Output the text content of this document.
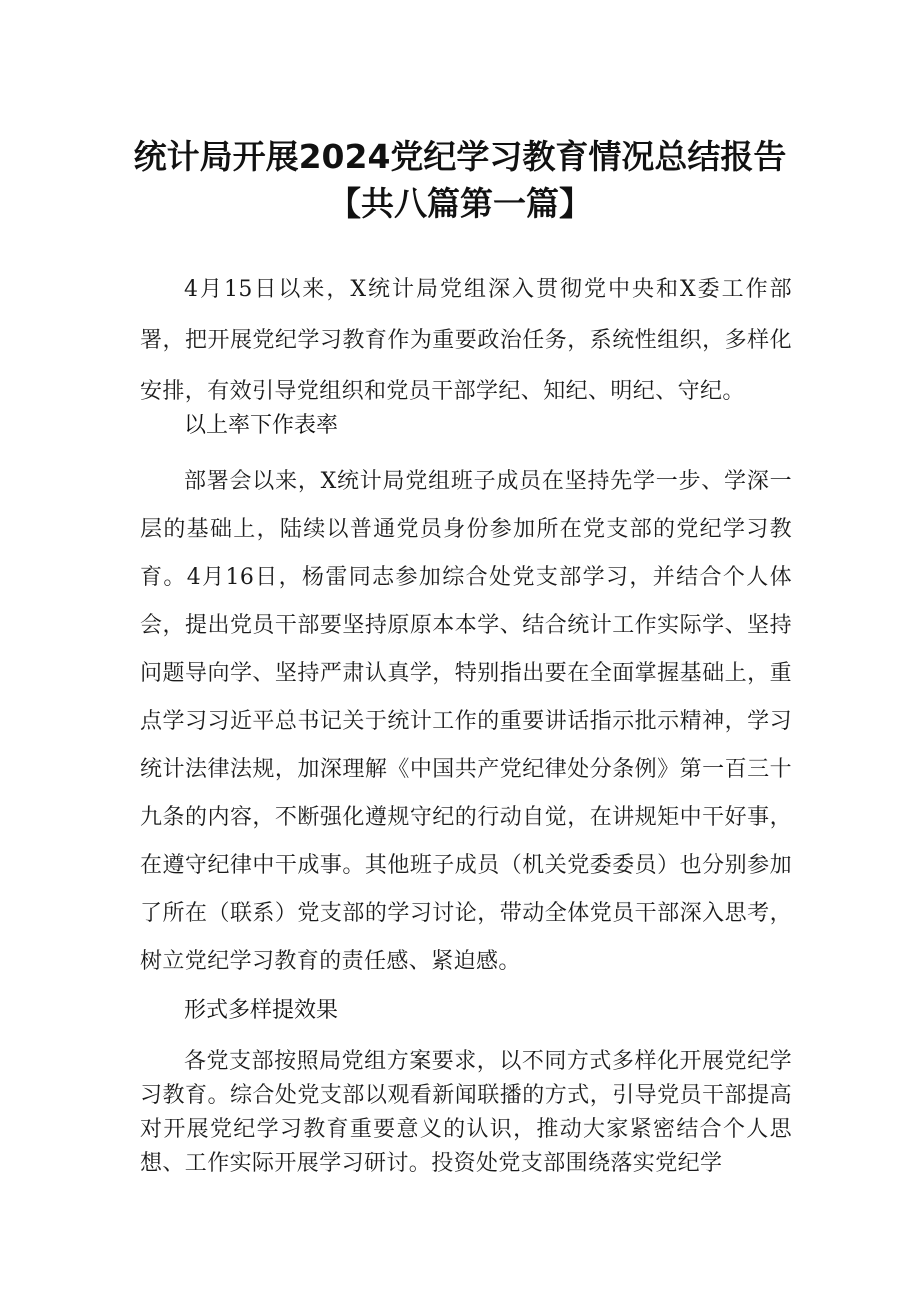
统计局开展2024党纪学习教育情况总结报告
【共八篇第一篇】

4月15日以来，X统计局党组深入贯彻党中央和X委工作部署，把开展党纪学习教育作为重要政治任务，系统性组织，多样化安排，有效引导党组织和党员干部学纪、知纪、明纪、守纪。

以上率下作表率

部署会以来，X统计局党组班子成员在坚持先学一步、学深一层的基础上，陆续以普通党员身份参加所在党支部的党纪学习教育。4月16日，杨雷同志参加综合处党支部学习，并结合个人体会，提出党员干部要坚持原原本本学、结合统计工作实际学、坚持问题导向学、坚持严肃认真学，特别指出要在全面掌握基础上，重点学习习近平总书记关于统计工作的重要讲话指示批示精神，学习统计法律法规，加深理解《中国共产党纪律处分条例》第一百三十九条的内容，不断强化遵规守纪的行动自觉，在讲规矩中干好事，在遵守纪律中干成事。其他班子成员（机关党委委员）也分别参加了所在（联系）党支部的学习讨论，带动全体党员干部深入思考，树立党纪学习教育的责任感、紧迫感。

形式多样提效果

各党支部按照局党组方案要求，以不同方式多样化开展党纪学习教育。综合处党支部以观看新闻联播的方式，引导党员干部提高对开展党纪学习教育重要意义的认识，推动大家紧密结合个人思想、工作实际开展学习研讨。投资处党支部围绕落实党纪学
